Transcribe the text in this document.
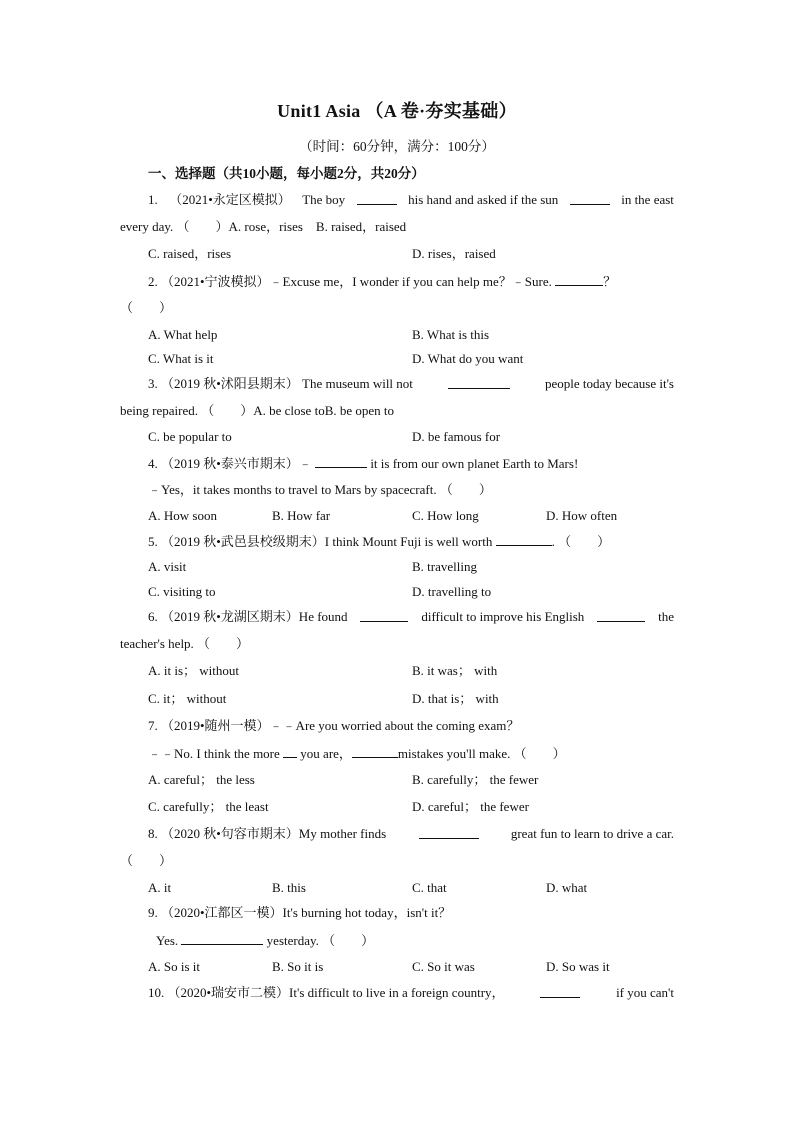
Unit1 Asia （A 卷·夯实基础）
（时间：60分钟，满分：100分）
一、选择题（共10小题，每小题2分，共20分）
1. （2021•永定区模拟） The boy	his hand and asked if the sun	in the east
every day. （　　）A. rose，rises　B. raised，raised
C. raised，rises	D. rises，raised
2. （2021•宁波模拟）﹣Excuse me，I wonder if you can help me？﹣Sure.	？
（　　）
A. What help	B. What is this
C. What is it	D. What do you want
3. （2019 秋•沭阳县期末） The museum will not	people today because it's
being repaired. （　　）A. be close toB. be open to
C. be popular to	D. be famous for
4. （2019 秋•泰兴市期末）﹣	it is from our own planet Earth to Mars!
﹣Yes，it takes months to travel to Mars by spacecraft. （　　）
A. How soon	B. How far	C. How long	D. How often
5. （2019 秋•武邑县校级期末）I think Mount Fuji is well worth	. （　　）
A. visit	B. travelling
C. visiting to	D. travelling to
6. （2019 秋•龙湖区期末）He found	difficult to improve his English	the
teacher's help. （　　）
A. it is； without	B. it was； with
C. it； without	D. that is； with
7. （2019•随州一模）﹣﹣Are you worried about the coming exam？
﹣﹣No. I think the more you are，	mistakes you'll make. （　　）
A. careful； the less	B. carefully； the fewer
C. carefully； the least	D. careful； the fewer
8. （2020 秋•句容市期末）My mother finds	great fun to learn to drive a car.
（　　）
A. it	B. this	C. that	D. what
9. （2020•江都区一模）It's burning hot today，isn't it？
Yes.	yesterday. （　　）
A. So is it	B. So it is	C. So it was	D. So was it
10. （2020•瑞安市二模）It's difficult to live in a foreign country，	if you can't
